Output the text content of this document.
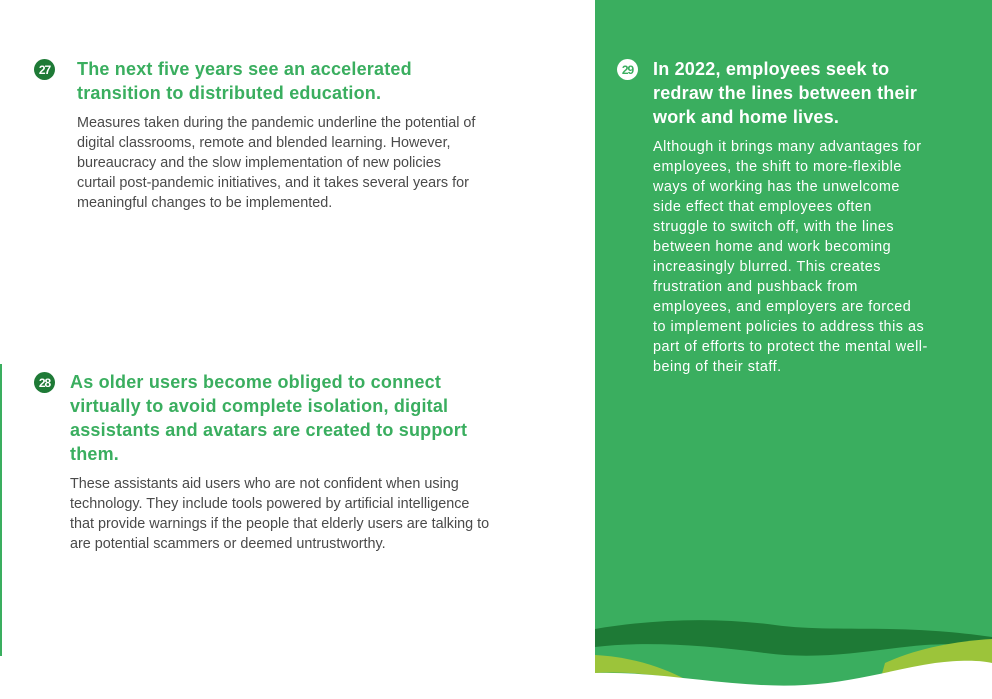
27 The next five years see an accelerated transition to distributed education.

Measures taken during the pandemic underline the potential of digital classrooms, remote and blended learning. However, bureaucracy and the slow implementation of new policies curtail post-pandemic initiatives, and it takes several years for meaningful changes to be implemented.

28 As older users become obliged to connect virtually to avoid complete isolation, digital assistants and avatars are created to support them.

These assistants aid users who are not confident when using technology. They include tools powered by artificial intelligence that provide warnings if the people that elderly users are talking to are potential scammers or deemed untrustworthy.

29 In 2022, employees seek to redraw the lines between their work and home lives.

Although it brings many advantages for employees, the shift to more-flexible ways of working has the unwelcome side effect that employees often struggle to switch off, with the lines between home and work becoming increasingly blurred. This creates frustration and pushback from employees, and employers are forced to implement policies to address this as part of efforts to protect the mental well-being of their staff.
